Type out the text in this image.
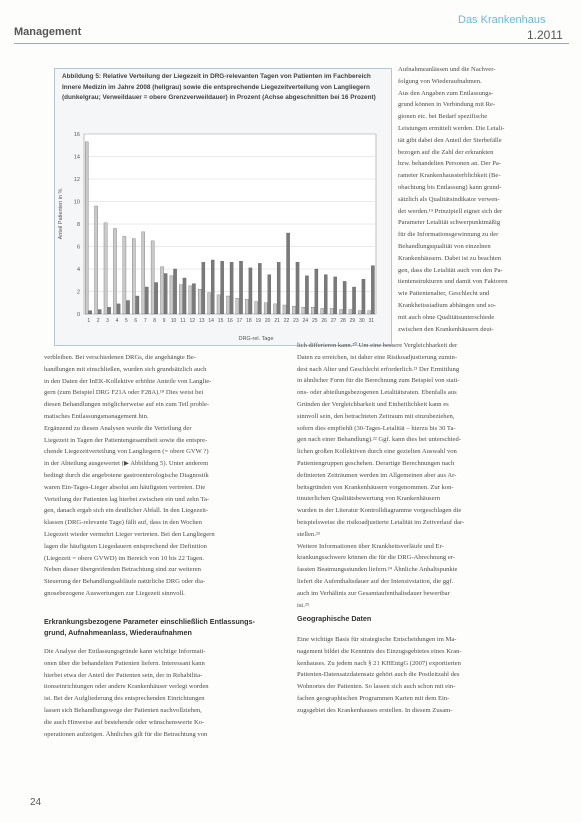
Management
Das Krankenhaus
1.2011
Abbildung 5: Relative Verteilung der Liegezeit in DRG-relevanten Tagen von Patienten im Fachbereich Innere Medizin im Jahre 2008 (hellgrau) sowie die entsprechende Liegezeitverteilung von Langliegern (dunkelgrau; Verweildauer = obere Grenzverweildauer) in Prozent (Achse abgeschnitten bei 16 Prozent)
0
2
4
6
8
10
12
14
16
1 2 3 4 5 6 7 8 9 10 11 12 13 14 15 16 17 18 19 20 21 22 23 24 25 26 27 28 29 30 31
Anteil Patienten in %
DRG-rel. Tage

verbleiben. Bei verschiedenen DRGs, die angehängte Be-

handlungen mit einschließen, wurden sich grundsätzlich auch

in den Daten der InEK-Kollektive erhöhte Anteile von Langlie-

gern (zum Beispiel DRG F21A oder F28A).¹⁸ Dies weist bei

diesen Behandlungen möglicherweise auf ein zum Teil proble-

matisches Entlassungsmanagement hin.

Ergänzend zu diesen Analysen wurde die Verteilung der

Liegezeit in Tagen der Patientengesamtheit sowie die entspre-

chende Liegezeitverteilung von Langliegern (= obere GVW ?)

in der Abteilung ausgewertet (▶ Abbildung 5). Unter anderem

bedingt durch die angebotene gastroenterologische Diagnostik

waren Ein-Tages-Lieger absolut am häufigsten vertreten. Die

Verteilung der Patienten lag hierbei zwischen ein und zehn Ta-

gen, danach ergab sich ein deutlicher Abfall. In den Liegezeit-

klassen (DRG-relevante Tage) fällt auf, dass in den Wochen

Liegezeit wieder vermehrt Lieger vertreten. Bei den Langliegern

lagen die häufigsten Liegedauern entsprechend der Definition

(Liegezeit = obere GVWD) im Bereich von 10 bis 22 Tagen.

Neben dieser übergreifenden Betrachtung sind zur weiteren

Steuerung der Behandlungsabläufe natürliche DRG oder dia-

gnosebezogene Auswertungen zur Liegezeit sinnvoll.

Erkrankungsbezogene Parameter einschließlich Entlassungs-
grund, Aufnahmeanlass, Wiederaufnahmen

Die Analyse der Entlassungsgründe kann wichtige Informati-

onen über die behandelten Patienten liefern. Interessant kann

hierbei etwa der Anteil der Patienten sein, der in Rehabilita-

tionseinrichtungen oder andere Krankenhäuser verlegt worden

ist. Bei der Aufgliederung des entsprechenden Einrichtungen

lassen sich Behandlungswege der Patienten nachvollziehen,

die auch Hinweise auf bestehende oder wünschenswerte Ko-

operationen aufzeigen. Ähnliches gilt für die Betrachtung von

Aufnahmeanlässen und die Nachver-

folgung von Wiederaufnahmen.

Aus den Angaben zum Entlassungs-

grund können in Verbindung mit Re-

gionen etc. bei Bedarf spezifische

Leistungen ermittelt werden. Die Letali-

tät gibt dabei den Anteil der Sterbefälle

bezogen auf die Zahl der erkrankten

bzw. behandelten Personen an. Der Pa-

rameter Krankenhaussterblichkeit (Be-

obachtung bis Entlassung) kann grund-

sätzlich als Qualitätsindikator verwen-

det werden.¹⁹ Prinzipiell eignet sich der

Parameter Letalität schwerpunktmäßig

für die Informationsgewinnung zu der

Behandlungsqualität von einzelnen

Krankenhäusern. Dabei ist zu beachten

gen, dass die Letalität auch von den Pa-

tientenstrukturen und damit von Faktoren

wie Patientenalter, Geschlecht und

Krankheitsstadium abhängen und so-

mit auch ohne Qualitätsunterschiede

zwischen den Krankenhäusern deut-

lich differieren kann.²⁰ Um eine bessere Vergleichbarkeit der

Daten zu erreichen, ist daher eine Risikoadjustierung zumin-

dest nach Alter und Geschlecht erforderlich.²¹ Der Ermittlung

in ähnlicher Form für die Berechnung zum Beispiel von stati-

ons- oder abteilungsbezogenen Letalitätsraten. Ebenfalls aus

Gründen der Vergleichbarkeit und Einheitlichkeit kann es

sinnvoll sein, den betrachteten Zeitraum mit einzubeziehen,

sofern dies empfiehlt (30-Tages-Letalität – hierzu bis 30 Ta-

gen nach einer Behandlung).²² Ggf. kann dies bei unterschied-

lichen großen Kollektiven durch eine gezielten Auswahl von

Patientengruppen geschehen. Derartige Berechnungen nach

definierten Zeiträumen werden im Allgemeinen aber aus Ar-

beitsgründen von Krankenhäusern vorgenommen. Zur kon-

tinuierlichen Qualitätsbewertung von Krankenhäusern

wurden in der Literatur Kontrolldiagramme vorgeschlagen die

beispielsweise die risikoadjustierte Letalität im Zeitverlauf dar-

stellen.²³

Weitere Informationen über Krankheitsverläufe und Er-

krankungsschwere können die für die DRG-Abrechnung er-

fassten Beatmungsstunden liefern.²⁴ Ähnliche Anhaltspunkte

liefert die Aufenthaltsdauer auf der Intensivstation, die ggf.

auch im Verhältnis zur Gesamtaufenthaltsdauer bewertbar

ist.²⁵

Geographische Daten

Eine wichtige Basis für strategische Entscheidungen im Ma-

nagement bildet die Kenntnis des Einzugsgebietes eines Kran-

kenhauses. Zu jedem nach § 21 KHEntgG (2007) exportierten

Patienten-Datensatzdatensatz gehört auch die Postleitzahl des

Wohnortes der Patienten. So lassen sich auch schon mit ein-

fachen geographischen Programmen Karten mit dem Ein-

zugsgebiet des Krankenhauses erstellen. In diesem Zusam-

24
